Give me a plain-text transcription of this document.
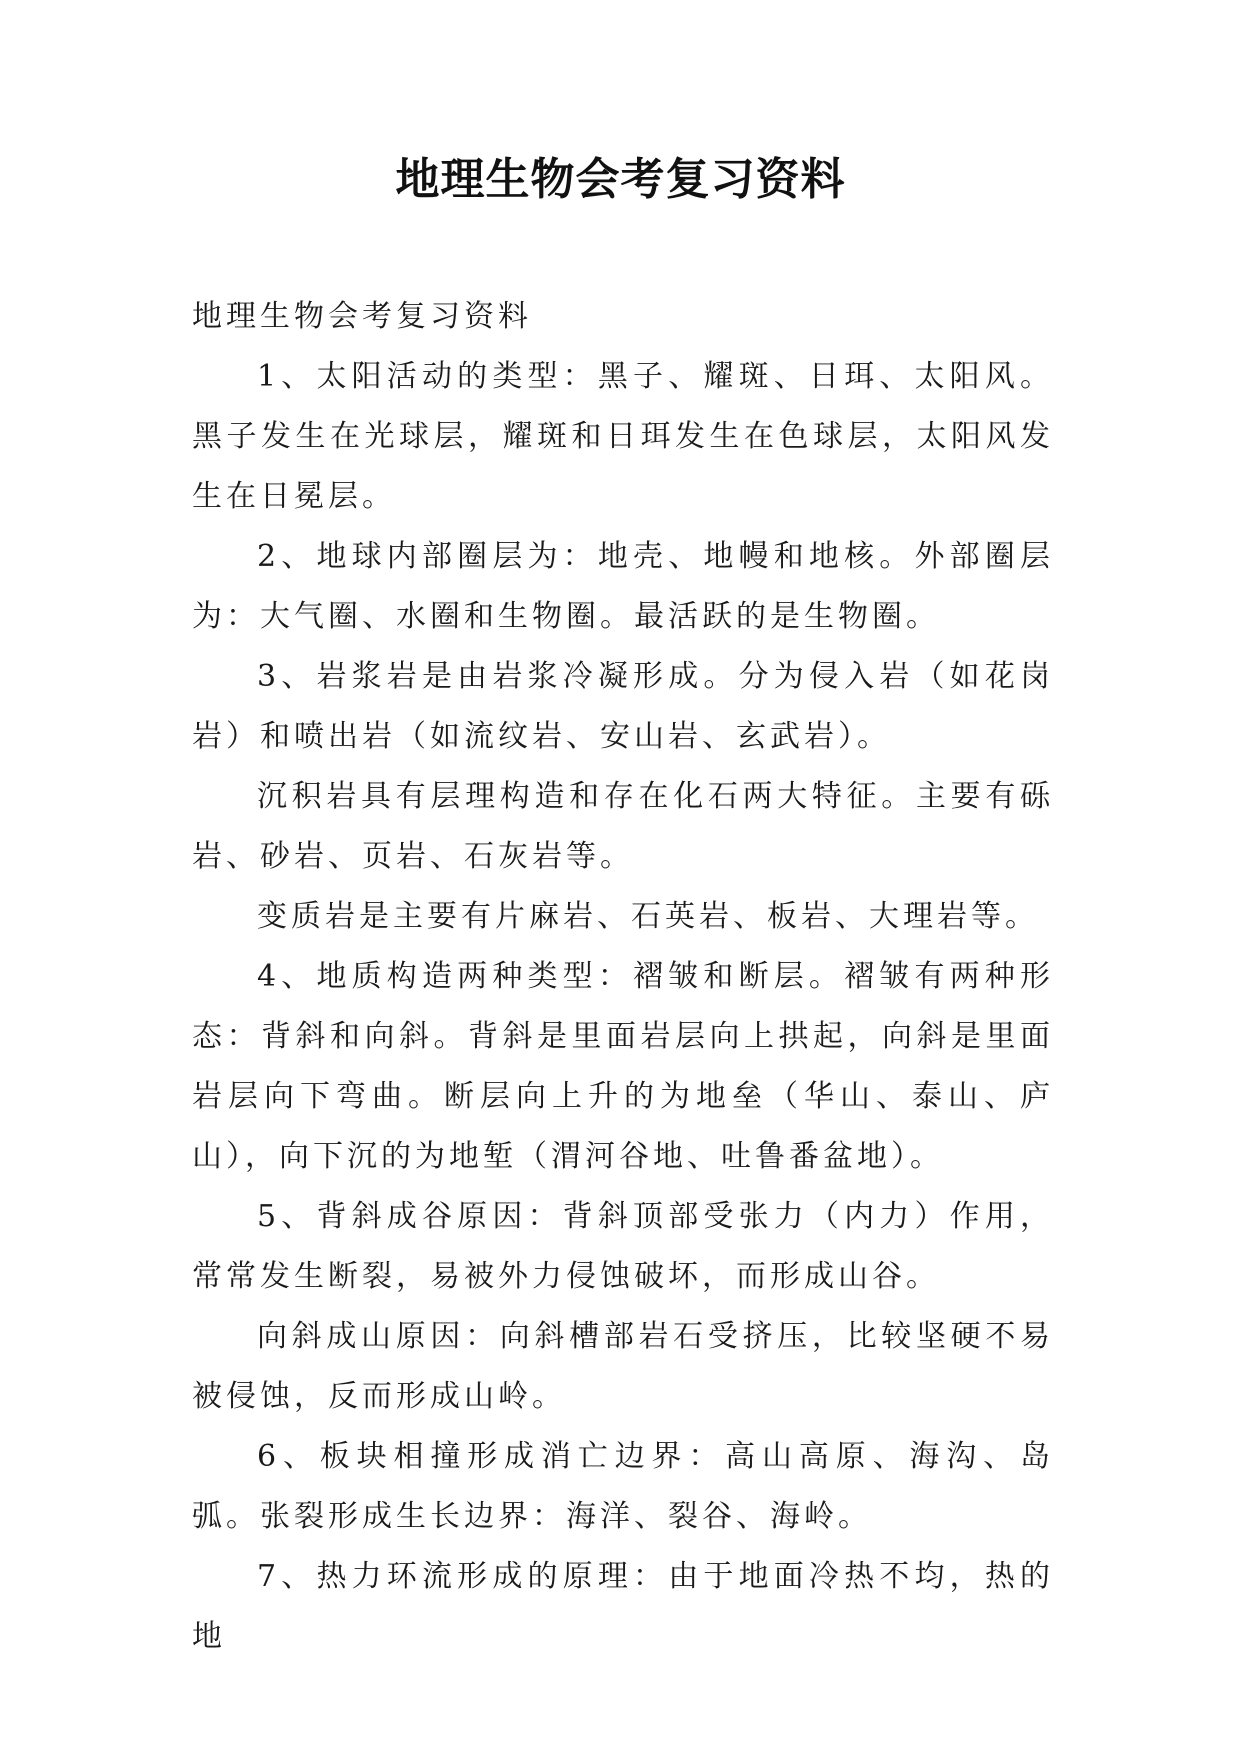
地理生物会考复习资料

地理生物会考复习资料

1、太阳活动的类型：黑子、耀斑、日珥、太阳风。黑子发生在光球层，耀斑和日珥发生在色球层，太阳风发生在日冕层。

2、地球内部圈层为：地壳、地幔和地核。外部圈层为：大气圈、水圈和生物圈。最活跃的是生物圈。

3、岩浆岩是由岩浆冷凝形成。分为侵入岩（如花岗岩）和喷出岩（如流纹岩、安山岩、玄武岩）。

沉积岩具有层理构造和存在化石两大特征。主要有砾岩、砂岩、页岩、石灰岩等。

变质岩是主要有片麻岩、石英岩、板岩、大理岩等。

4、地质构造两种类型：褶皱和断层。褶皱有两种形态：背斜和向斜。背斜是里面岩层向上拱起，向斜是里面岩层向下弯曲。断层向上升的为地垒（华山、泰山、庐山），向下沉的为地堑（渭河谷地、吐鲁番盆地）。

5、背斜成谷原因：背斜顶部受张力（内力）作用，常常发生断裂，易被外力侵蚀破坏，而形成山谷。

向斜成山原因：向斜槽部岩石受挤压，比较坚硬不易被侵蚀，反而形成山岭。

6、板块相撞形成消亡边界：高山高原、海沟、岛弧。张裂形成生长边界：海洋、裂谷、海岭。

7、热力环流形成的原理：由于地面冷热不均，热的地
